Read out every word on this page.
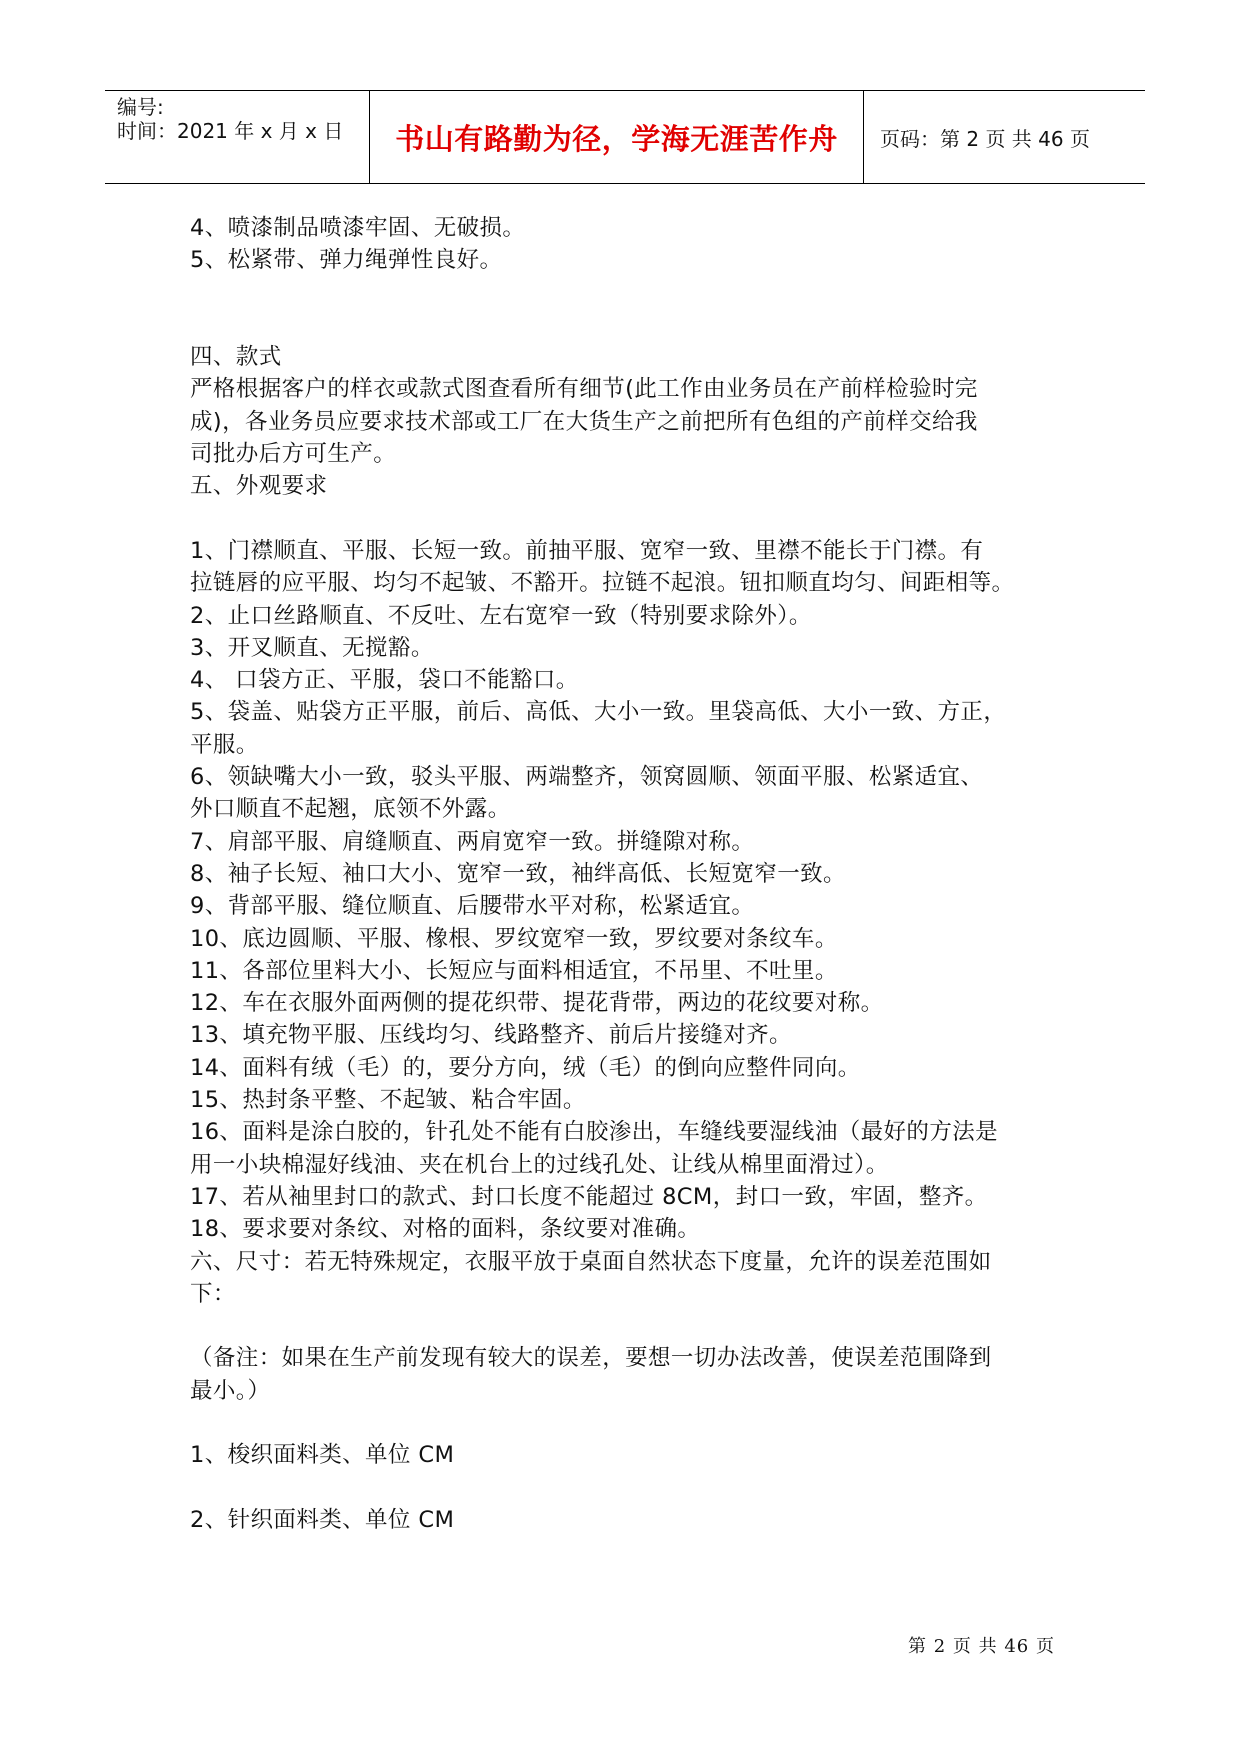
编号:
时间：2021 年 x 月 x 日 书山有路勤为径，学海无涯苦作舟 页码：第 2 页 共 46 页
4、喷漆制品喷漆牢固、无破损。
5、松紧带、弹力绳弹性良好。
四、款式
严格根据客户的样衣或款式图查看所有细节(此工作由业务员在产前样检验时完
成)，各业务员应要求技术部或工厂在大货生产之前把所有色组的产前样交给我
司批办后方可生产。
五、外观要求
1、门襟顺直、平服、长短一致。前抽平服、宽窄一致、里襟不能长于门襟。有
拉链唇的应平服、均匀不起皱、不豁开。拉链不起浪。钮扣顺直均匀、间距相等。
2、止口丝路顺直、不反吐、左右宽窄一致（特别要求除外）。
3、开叉顺直、无搅豁。
4、 口袋方正、平服，袋口不能豁口。
5、袋盖、贴袋方正平服，前后、高低、大小一致。里袋高低、大小一致、方正，
平服。
6、领缺嘴大小一致，驳头平服、两端整齐，领窝圆顺、领面平服、松紧适宜、
外口顺直不起翘，底领不外露。
7、肩部平服、肩缝顺直、两肩宽窄一致。拼缝隙对称。
8、袖子长短、袖口大小、宽窄一致，袖绊高低、长短宽窄一致。
9、背部平服、缝位顺直、后腰带水平对称，松紧适宜。
10、底边圆顺、平服、橡根、罗纹宽窄一致，罗纹要对条纹车。
11、各部位里料大小、长短应与面料相适宜，不吊里、不吐里。
12、车在衣服外面两侧的提花织带、提花背带，两边的花纹要对称。
13、填充物平服、压线均匀、线路整齐、前后片接缝对齐。
14、面料有绒（毛）的，要分方向，绒（毛）的倒向应整件同向。
15、热封条平整、不起皱、粘合牢固。
16、面料是涂白胶的，针孔处不能有白胶渗出，车缝线要湿线油（最好的方法是
用一小块棉湿好线油、夹在机台上的过线孔处、让线从棉里面滑过）。
17、若从袖里封口的款式、封口长度不能超过 8CM，封口一致，牢固，整齐。
18、要求要对条纹、对格的面料，条纹要对准确。
六、尺寸：若无特殊规定，衣服平放于桌面自然状态下度量，允许的误差范围如
下：
（备注：如果在生产前发现有较大的误差，要想一切办法改善，使误差范围降到
最小。）
1、梭织面料类、单位 CM
2、针织面料类、单位 CM
第 2 页 共 46 页
